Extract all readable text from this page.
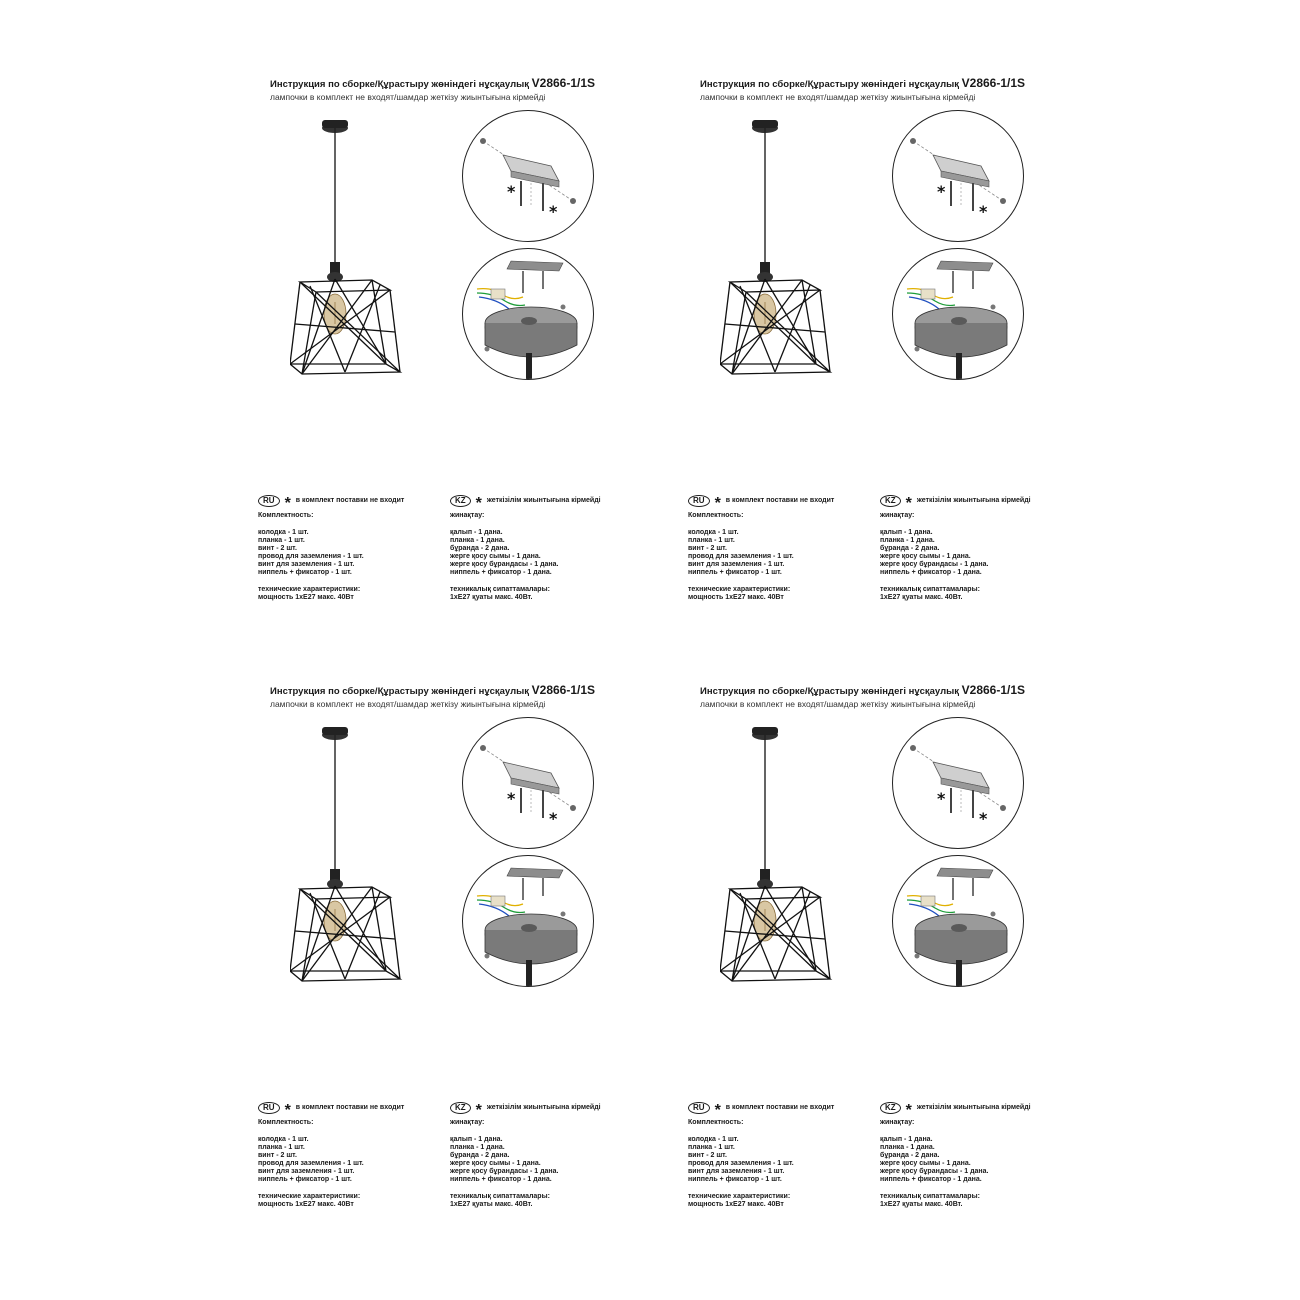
Инструкция по сборке/Құрастыру жөніндегі нұсқаулық V2866-1/1S
лампочки в комплект не входят/шамдар жеткізу жиынтығына кірмейді
*
*
RU * в комплект поставки не входит
Комплектность:
колодка - 1 шт.
планка - 1 шт.
винт - 2 шт.
провод для заземления - 1 шт.
винт для заземления - 1 шт.
ниппель + фиксатор - 1 шт.
технические характеристики:
мощность 1xE27 макс. 40Вт
KZ * жеткізілім жиынтығына кірмейді
жинақтау:
қалып - 1 дана.
планка - 1 дана.
бұранда - 2 дана.
жерге қосу сымы - 1 дана.
жерге қосу бұрандасы - 1 дана.
ниппель + фиксатор - 1 дана.
техникалық сипаттамалары:
1xE27 қуаты макс. 40Вт.
Инструкция по сборке/Құрастыру жөніндегі нұсқаулық V2866-1/1S
лампочки в комплект не входят/шамдар жеткізу жиынтығына кірмейді
*
*
RU * в комплект поставки не входит
Комплектность:
колодка - 1 шт.
планка - 1 шт.
винт - 2 шт.
провод для заземления - 1 шт.
винт для заземления - 1 шт.
ниппель + фиксатор - 1 шт.
технические характеристики:
мощность 1xE27 макс. 40Вт
KZ * жеткізілім жиынтығына кірмейді
жинақтау:
қалып - 1 дана.
планка - 1 дана.
бұранда - 2 дана.
жерге қосу сымы - 1 дана.
жерге қосу бұрандасы - 1 дана.
ниппель + фиксатор - 1 дана.
техникалық сипаттамалары:
1xE27 қуаты макс. 40Вт.
Инструкция по сборке/Құрастыру жөніндегі нұсқаулық V2866-1/1S
лампочки в комплект не входят/шамдар жеткізу жиынтығына кірмейді
*
*
RU * в комплект поставки не входит
Комплектность:
колодка - 1 шт.
планка - 1 шт.
винт - 2 шт.
провод для заземления - 1 шт.
винт для заземления - 1 шт.
ниппель + фиксатор - 1 шт.
технические характеристики:
мощность 1xE27 макс. 40Вт
KZ * жеткізілім жиынтығына кірмейді
жинақтау:
қалып - 1 дана.
планка - 1 дана.
бұранда - 2 дана.
жерге қосу сымы - 1 дана.
жерге қосу бұрандасы - 1 дана.
ниппель + фиксатор - 1 дана.
техникалық сипаттамалары:
1xE27 қуаты макс. 40Вт.
Инструкция по сборке/Құрастыру жөніндегі нұсқаулық V2866-1/1S
лампочки в комплект не входят/шамдар жеткізу жиынтығына кірмейді
*
*
RU * в комплект поставки не входит
Комплектность:
колодка - 1 шт.
планка - 1 шт.
винт - 2 шт.
провод для заземления - 1 шт.
винт для заземления - 1 шт.
ниппель + фиксатор - 1 шт.
технические характеристики:
мощность 1xE27 макс. 40Вт
KZ * жеткізілім жиынтығына кірмейді
жинақтау:
қалып - 1 дана.
планка - 1 дана.
бұранда - 2 дана.
жерге қосу сымы - 1 дана.
жерге қосу бұрандасы - 1 дана.
ниппель + фиксатор - 1 дана.
техникалық сипаттамалары:
1xE27 қуаты макс. 40Вт.
